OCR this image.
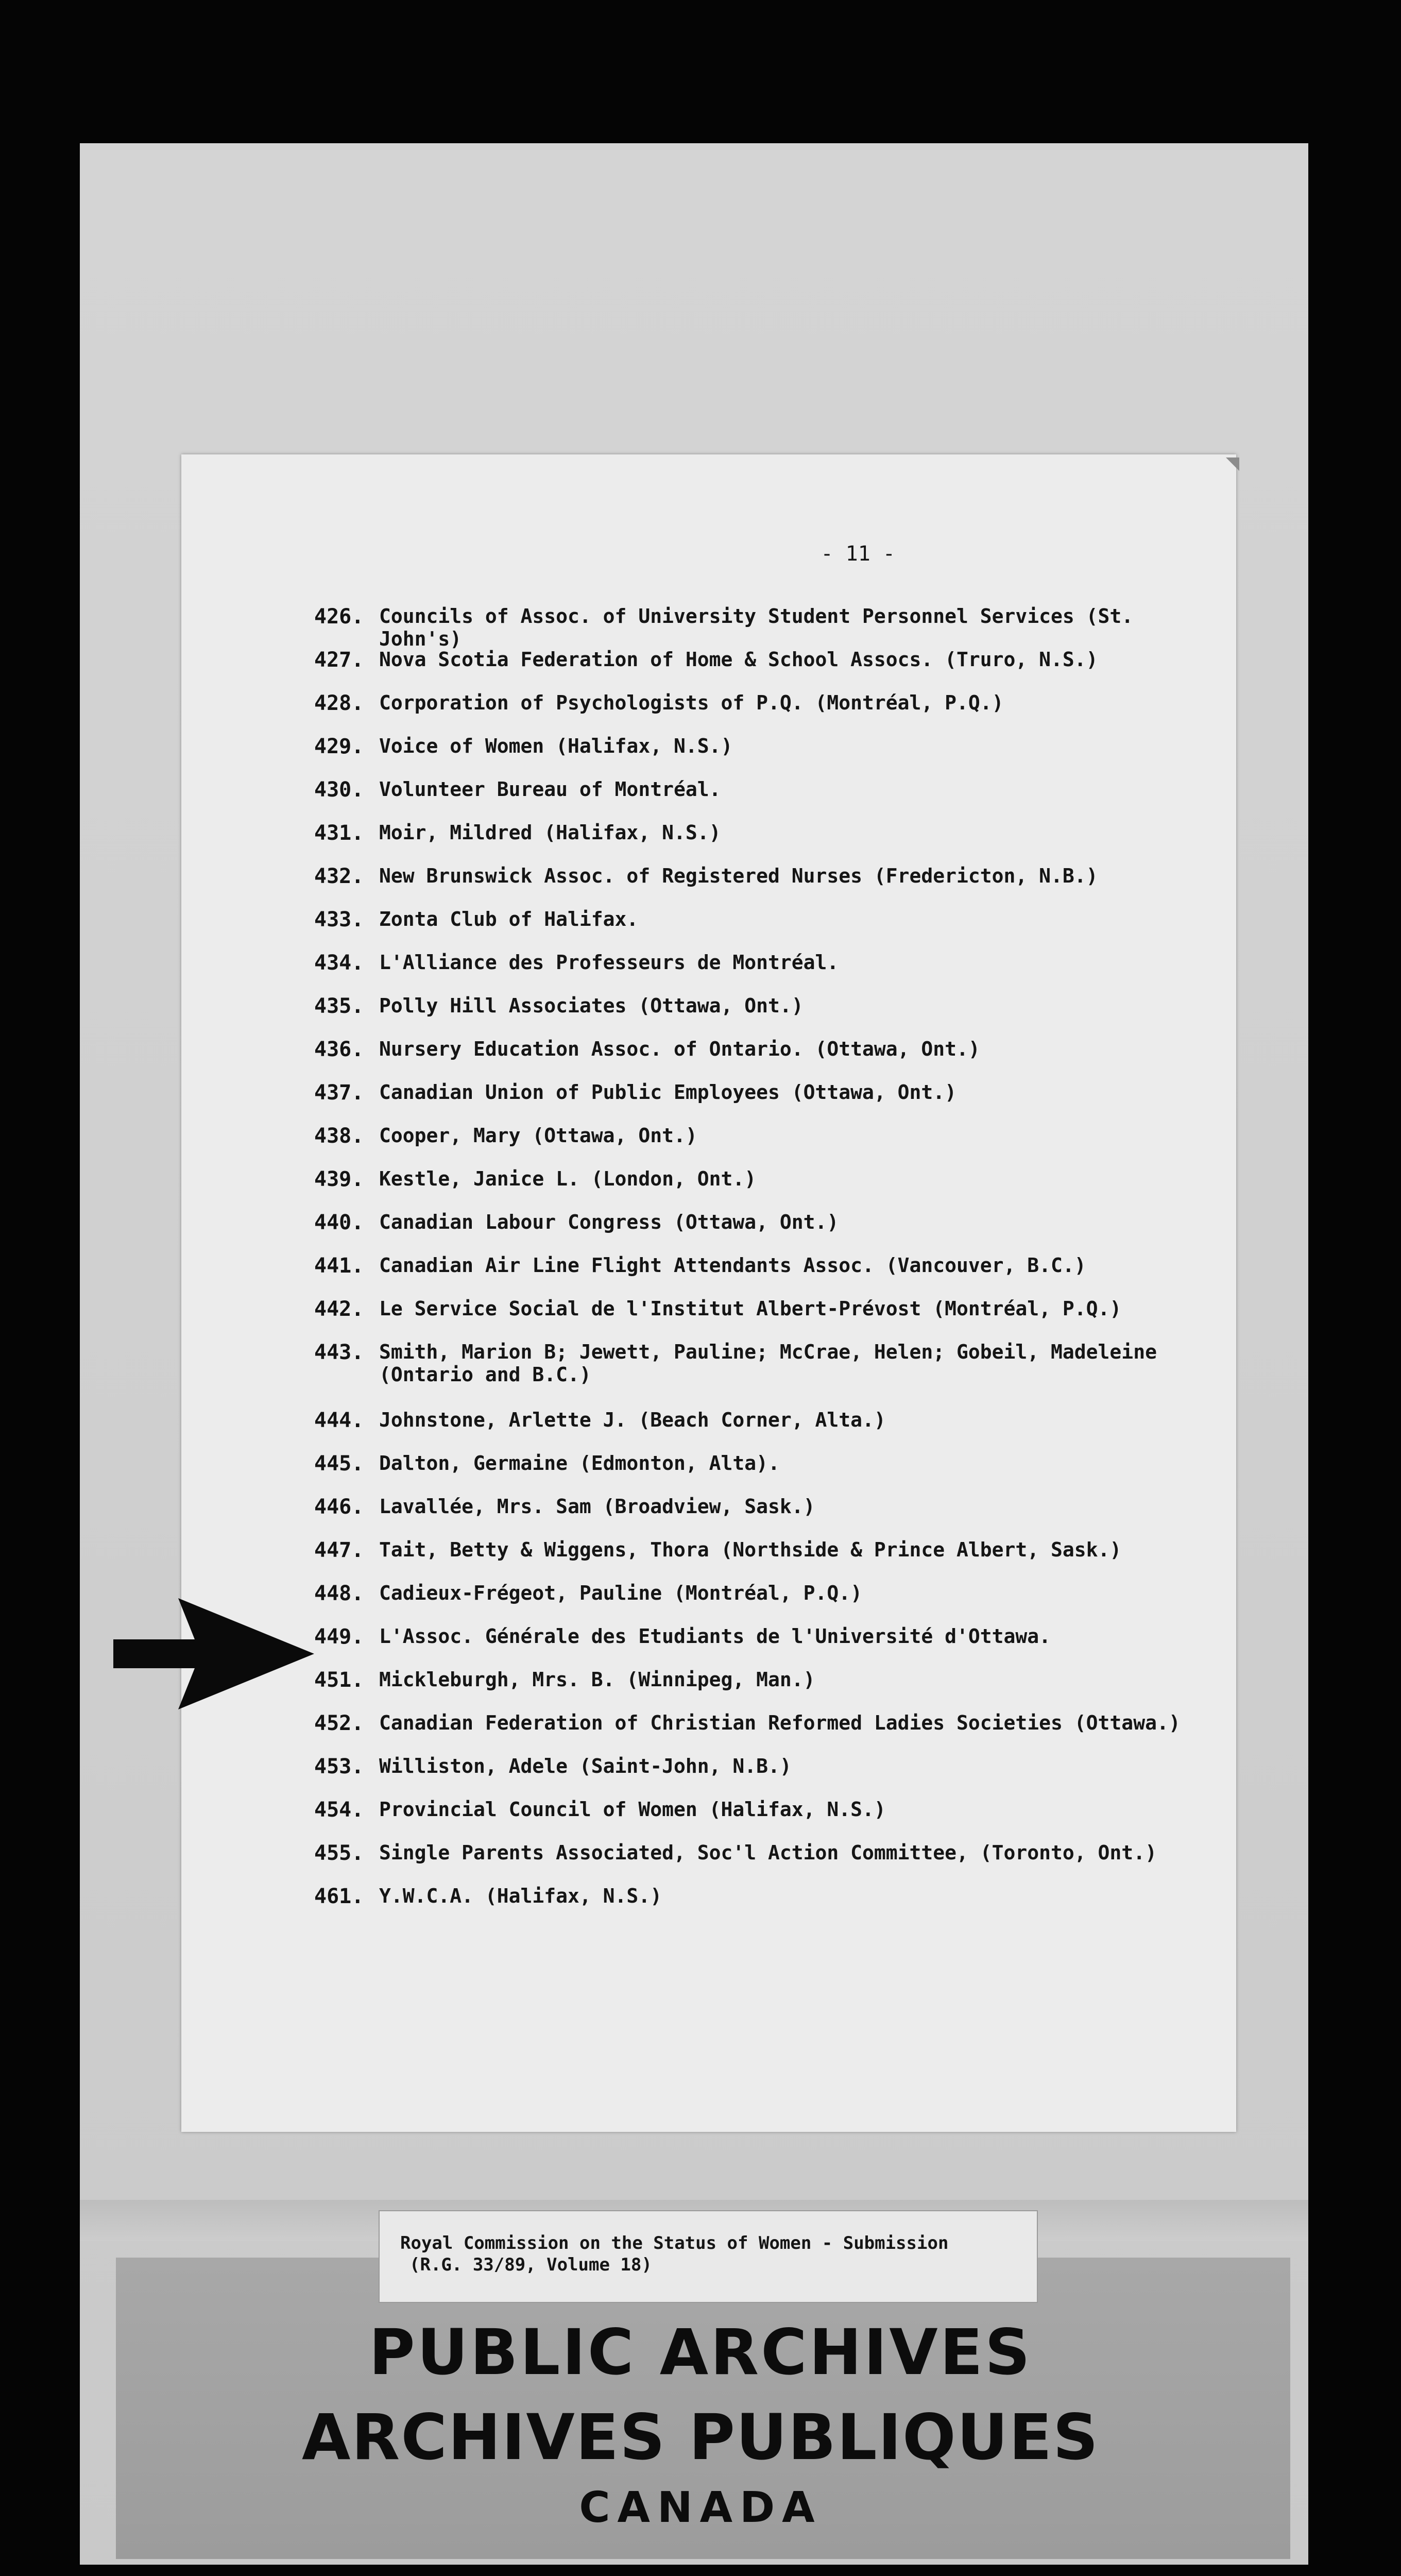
- 11 -
426. Councils of Assoc. of University Student Personnel Services (St. John's)
427. Nova Scotia Federation of Home & School Assocs. (Truro, N.S.)
428. Corporation of Psychologists of P.Q. (Montréal, P.Q.)
429. Voice of Women (Halifax, N.S.)
430. Volunteer Bureau of Montréal.
431. Moir, Mildred (Halifax, N.S.)
432. New Brunswick Assoc. of Registered Nurses (Fredericton, N.B.)
433. Zonta Club of Halifax.
434. L'Alliance des Professeurs de Montréal.
435. Polly Hill Associates (Ottawa, Ont.)
436. Nursery Education Assoc. of Ontario. (Ottawa, Ont.)
437. Canadian Union of Public Employees (Ottawa, Ont.)
438. Cooper, Mary (Ottawa, Ont.)
439. Kestle, Janice L. (London, Ont.)
440. Canadian Labour Congress (Ottawa, Ont.)
441. Canadian Air Line Flight Attendants Assoc. (Vancouver, B.C.)
442. Le Service Social de l'Institut Albert-Prévost (Montréal, P.Q.)
443. Smith, Marion B; Jewett, Pauline; McCrae, Helen; Gobeil, Madeleine
(Ontario and B.C.)
444. Johnstone, Arlette J. (Beach Corner, Alta.)
445. Dalton, Germaine (Edmonton, Alta).
446. Lavallée, Mrs. Sam (Broadview, Sask.)
447. Tait, Betty & Wiggens, Thora (Northside & Prince Albert, Sask.)
448. Cadieux-Frégeot, Pauline (Montréal, P.Q.)
449. L'Assoc. Générale des Etudiants de l'Université d'Ottawa.
451. Mickleburgh, Mrs. B. (Winnipeg, Man.)
452. Canadian Federation of Christian Reformed Ladies Societies (Ottawa.)
453. Williston, Adele (Saint-John, N.B.)
454. Provincial Council of Women (Halifax, N.S.)
455. Single Parents Associated, Soc'l Action Committee, (Toronto, Ont.)
461. Y.W.C.A. (Halifax, N.S.)
Royal Commission on the Status of Women - Submission
(R.G. 33/89, Volume 18)
PUBLIC ARCHIVES
ARCHIVES PUBLIQUES
CANADA
